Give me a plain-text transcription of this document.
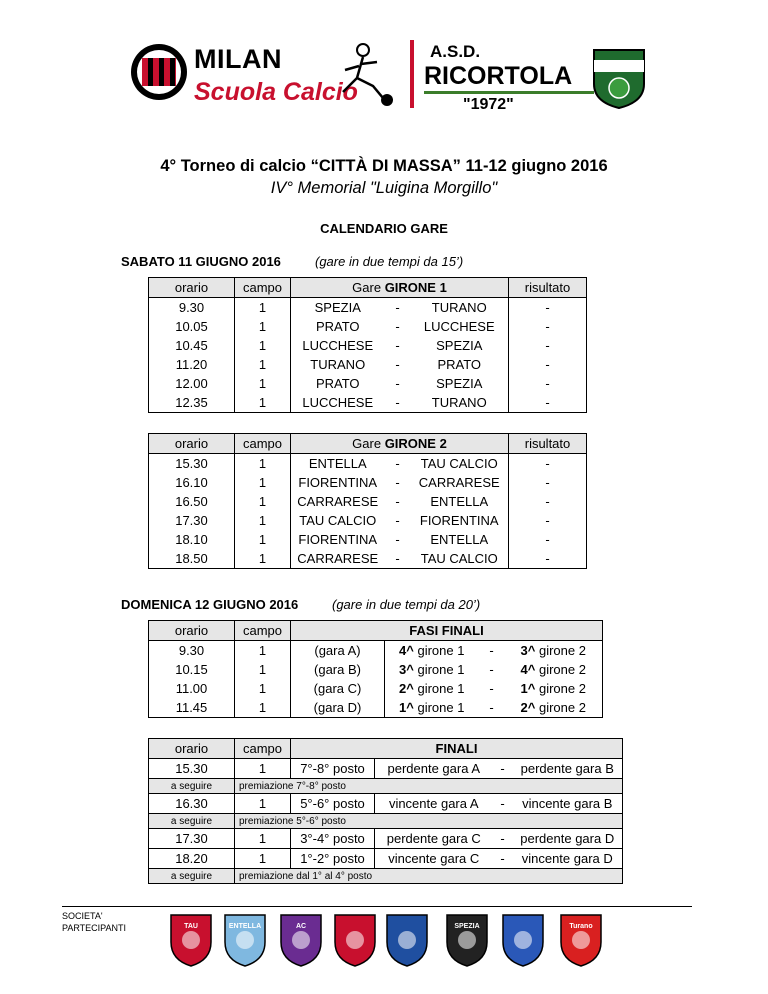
MILAN
Scuola Calcio
A.S.D.
RICORTOLA
"1972"
4° Torneo di calcio “CITTÀ DI MASSA” 11-12 giugno 2016
IV° Memorial "Luigina Morgillo"
CALENDARIO GARE
SABATO 11 GIUGNO 2016	(gare in due tempi da 15’)
orario	campo	Gare GIRONE 1			risultato
9.30	1	SPEZIA	-	TURANO	-
10.05	1	PRATO	-	LUCCHESE	-
10.45	1	LUCCHESE	-	SPEZIA	-
11.20	1	TURANO	-	PRATO	-
12.00	1	PRATO	-	SPEZIA	-
12.35	1	LUCCHESE	-	TURANO	-
orario	campo	Gare GIRONE 2			risultato
15.30	1	ENTELLA	-	TAU CALCIO	-
16.10	1	FIORENTINA	-	CARRARESE	-
16.50	1	CARRARESE	-	ENTELLA	-
17.30	1	TAU CALCIO	-	FIORENTINA	-
18.10	1	FIORENTINA	-	ENTELLA	-
18.50	1	CARRARESE	-	TAU CALCIO	-
DOMENICA 12 GIUGNO 2016	(gare in due tempi da 20’)
orario	campo	FASI FINALI			
9.30	1	(gara A)	4^ girone 1	-	3^ girone 2
10.15	1	(gara B)	3^ girone 1	-	4^ girone 2
11.00	1	(gara C)	2^ girone 1	-	1^ girone 2
11.45	1	(gara D)	1^ girone 1	-	2^ girone 2
orario	campo	FINALI			
15.30	1	7°-8° posto	perdente gara A	-	perdente gara B
a seguire	premiazione 7°-8° posto				
16.30	1	5°-6° posto	vincente gara A	-	vincente gara B
a seguire	premiazione 5°-6° posto				
17.30	1	3°-4° posto	perdente gara C	-	perdente gara D
18.20	1	1°-2° posto	vincente gara C	-	vincente gara D
a seguire	premiazione dal 1° al 4° posto				
SOCIETA'
PARTECIPANTI	TAU	ENTELLA	AC	SPEZIA	Turano
